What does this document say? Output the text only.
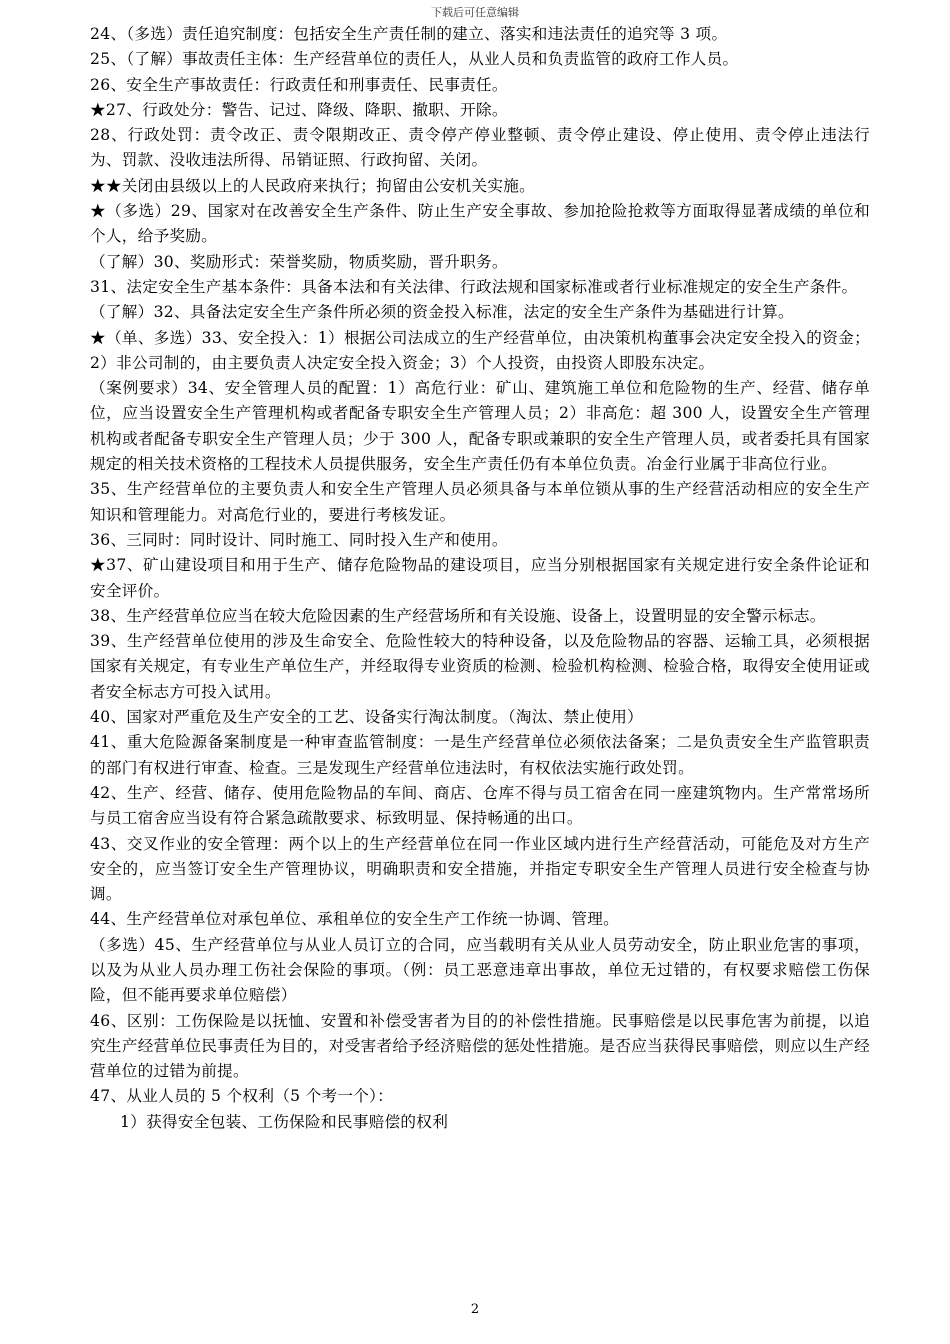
下载后可任意编辑

24、（多选）责任追究制度：包括安全生产责任制的建立、落实和违法责任的追究等 3 项。

25、（了解）事故责任主体：生产经营单位的责任人，从业人员和负责监管的政府工作人员。

26、安全生产事故责任：行政责任和刑事责任、民事责任。

★27、行政处分：警告、记过、降级、降职、撤职、开除。

28、行政处罚：责令改正、责令限期改正、责令停产停业整顿、责令停止建设、停止使用、责令停止违法行为、罚款、没收违法所得、吊销证照、行政拘留、关闭。

★★关闭由县级以上的人民政府来执行；拘留由公安机关实施。

★（多选）29、国家对在改善安全生产条件、防止生产安全事故、参加抢险抢救等方面取得显著成绩的单位和个人，给予奖励。

（了解）30、奖励形式：荣誉奖励，物质奖励，晋升职务。

31、法定安全生产基本条件：具备本法和有关法律、行政法规和国家标准或者行业标准规定的安全生产条件。

（了解）32、具备法定安全生产条件所必须的资金投入标准，法定的安全生产条件为基础进行计算。

★（单、多选）33、安全投入：1）根据公司法成立的生产经营单位，由决策机构董事会决定安全投入的资金；2）非公司制的，由主要负责人决定安全投入资金；3）个人投资，由投资人即股东决定。

（案例要求）34、安全管理人员的配置：1）高危行业：矿山、建筑施工单位和危险物的生产、经营、储存单位，应当设置安全生产管理机构或者配备专职安全生产管理人员；2）非高危：超 300 人，设置安全生产管理机构或者配备专职安全生产管理人员；少于 300 人，配备专职或兼职的安全生产管理人员，或者委托具有国家规定的相关技术资格的工程技术人员提供服务，安全生产责任仍有本单位负责。冶金行业属于非高位行业。

35、生产经营单位的主要负责人和安全生产管理人员必须具备与本单位锁从事的生产经营活动相应的安全生产知识和管理能力。对高危行业的，要进行考核发证。

36、三同时：同时设计、同时施工、同时投入生产和使用。

★37、矿山建设项目和用于生产、储存危险物品的建设项目，应当分别根据国家有关规定进行安全条件论证和安全评价。

38、生产经营单位应当在较大危险因素的生产经营场所和有关设施、设备上，设置明显的安全警示标志。

39、生产经营单位使用的涉及生命安全、危险性较大的特种设备，以及危险物品的容器、运输工具，必须根据国家有关规定，有专业生产单位生产，并经取得专业资质的检测、检验机构检测、检验合格，取得安全使用证或者安全标志方可投入试用。

40、国家对严重危及生产安全的工艺、设备实行淘汰制度。（淘汰、禁止使用）

41、重大危险源备案制度是一种审查监管制度：一是生产经营单位必须依法备案；二是负责安全生产监管职责的部门有权进行审查、检查。三是发现生产经营单位违法时，有权依法实施行政处罚。

42、生产、经营、储存、使用危险物品的车间、商店、仓库不得与员工宿舍在同一座建筑物内。生产常常场所与员工宿舍应当设有符合紧急疏散要求、标致明显、保持畅通的出口。

43、交叉作业的安全管理：两个以上的生产经营单位在同一作业区域内进行生产经营活动，可能危及对方生产安全的，应当签订安全生产管理协议，明确职责和安全措施，并指定专职安全生产管理人员进行安全检查与协调。

44、生产经营单位对承包单位、承租单位的安全生产工作统一协调、管理。

（多选）45、生产经营单位与从业人员订立的合同，应当载明有关从业人员劳动安全，防止职业危害的事项，以及为从业人员办理工伤社会保险的事项。（例：员工恶意违章出事故，单位无过错的，有权要求赔偿工伤保险，但不能再要求单位赔偿）

46、区别：工伤保险是以抚恤、安置和补偿受害者为目的的补偿性措施。民事赔偿是以民事危害为前提，以追究生产经营单位民事责任为目的，对受害者给予经济赔偿的惩处性措施。是否应当获得民事赔偿，则应以生产经营单位的过错为前提。

47、从业人员的 5 个权利（5 个考一个）：

1）获得安全包装、工伤保险和民事赔偿的权利

2
